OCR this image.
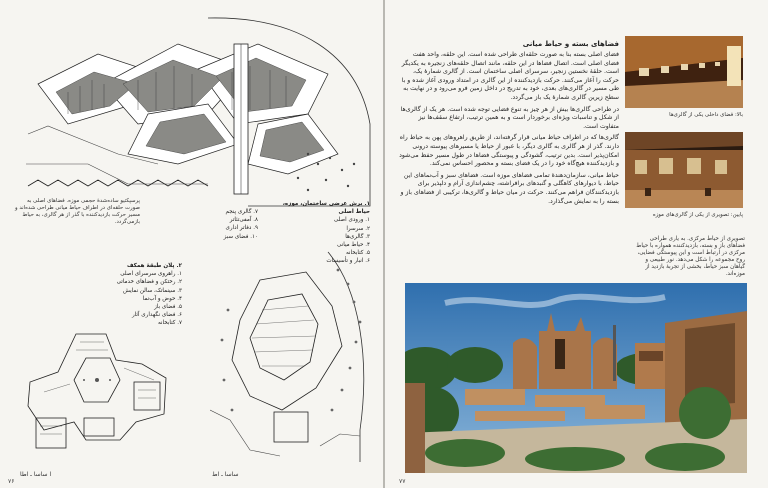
پرسپکتیو ساده‌شدهٔ حجمی موزه. فضاهای اصلی به صورت حلقه‌ای در اطراف حیاط میانی طراحی شده‌اند و مسیر حرکت بازدیدکننده با گذر از هر گالری، به حیاط بازمی‌گردد.
۱. برش عرضی ساختمان، موزه، حیاط اصلی
۱. ورودی اصلی
۲. سرسرا
۳. گالری‌ها
۴. حیاط میانی
۵. کتابخانه
۶. انبار و تأسیسات
۷. گالری پنجم
۸. آمفی‌تئاتر
۹. دفاتر اداری
۱۰. فضای سبز
۲. پلان طبقهٔ همکف
۱. راهروی سرسرای اصلی
۲. رختکن و فضاهای خدماتی
۳. سینما‌تک، سالن نمایش
۴. حوض و آب‌نما
۵. فضای باز
۶. فضای نگهداری آثار
۷. کتابخانه
ا ساسا ـ اطا	ساسا ـ اط
۷۶
فضاهای بسته و حیاط میانی
فضای اصلی بسته بنا به صورت حلقه‌ای طراحی شده است. این حلقه، واحد هفت فضای اصلی است. اتصال فضاها در این حلقه، مانند اتصال حلقه‌های زنجیره به یکدیگر است. حلقهٔ نخستین زنجیر، سرسرای اصلی ساختمان است. از گالری شمارهٔ یک، حرکت را آغاز می‌کنند. حرکت بازدیدکننده از این گالری در امتداد ورودی آغاز شده و با طی مسیر در گالری‌های بعدی، خود به تدریج در داخل زمین فرو می‌رود و در نهایت به سطح زیرین گالری شمارهٔ یک باز می‌گردد.
در طراحی گالری‌ها بیش از هر چیز به تنوع فضایی توجه شده است. هر یک از گالری‌ها از شکل و تناسبات ویژه‌ای برخوردار است و به همین ترتیب، ارتفاع سقف‌ها نیز متفاوت است.
گالری‌ها که در اطراف حیاط میانی قرار گرفته‌اند، از طریق راهروهای پهن به حیاط راه دارند. گذر از هر گالری به گالری دیگر، با عبور از حیاط یا مسیرهای پیوسته درونی امکان‌پذیر است. بدین ترتیب، گشودگی و پیوستگی فضاها در طول مسیر حفظ می‌شود و بازدیدکننده هیچ‌گاه خود را در یک فضای بسته و محصور احساس نمی‌کند.
حیاط میانی، سازمان‌دهندهٔ تمامی فضاهای موزه است. فضاهای سبز و آب‌نماهای این حیاط، با دیوارهای کاهگلی و گنبدهای برافراشته، چشم‌اندازی آرام و دلپذیر برای بازدیدکنندگان فراهم می‌کنند. حرکت در میان حیاط و گالری‌ها، ترکیبی از فضاهای باز و بسته را به نمایش می‌گذارد.
بالا: فضای داخلی یکی از گالری‌ها
پایین: تصویری از یکی از گالری‌های موزه
تصویری از حیاط مرکزی. به یاری طراحی فضاهای باز و بسته، بازدیدکننده همواره با حیاط مرکزی در ارتباط است و این پیوستگی فضایی، روح مجموعه را شکل می‌دهد. نور طبیعی و گیاهان سبز حیاط، بخشی از تجربهٔ بازدید از موزه‌اند.
۷۷
